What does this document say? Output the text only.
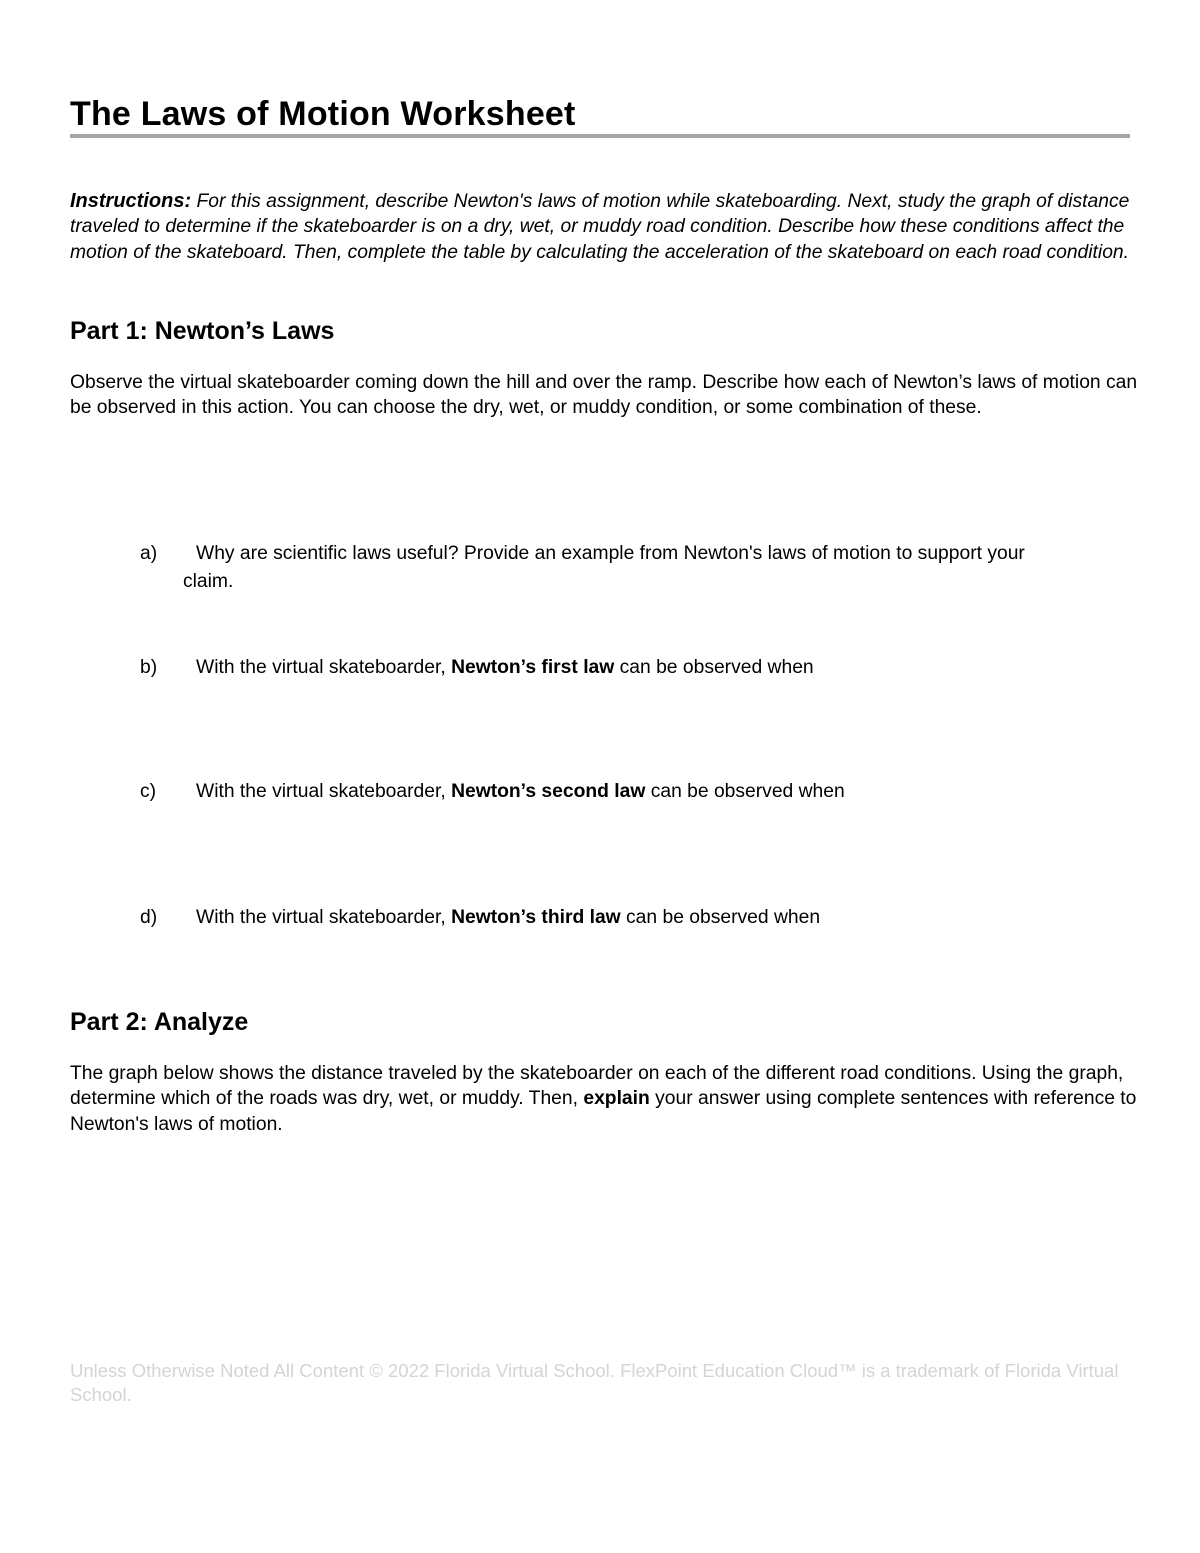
The Laws of Motion Worksheet

Instructions: For this assignment, describe Newton's laws of motion while skateboarding. Next, study the graph of distance traveled to determine if the skateboarder is on a dry, wet, or muddy road condition. Describe how these conditions affect the motion of the skateboard. Then, complete the table by calculating the acceleration of the skateboard on each road condition.

Part 1: Newton’s Laws

Observe the virtual skateboarder coming down the hill and over the ramp. Describe how each of Newton’s laws of motion can be observed in this action. You can choose the dry, wet, or muddy condition, or some combination of these.

a) Why are scientific laws useful? Provide an example from Newton's laws of motion to support your
claim.

b) With the virtual skateboarder, Newton’s first law can be observed when

c) With the virtual skateboarder, Newton’s second law can be observed when

d) With the virtual skateboarder, Newton’s third law can be observed when

Part 2: Analyze

The graph below shows the distance traveled by the skateboarder on each of the different road conditions. Using the graph, determine which of the roads was dry, wet, or muddy. Then, explain your answer using complete sentences with reference to Newton's laws of motion.

Unless Otherwise Noted All Content © 2022 Florida Virtual School. FlexPoint Education Cloud™ is a trademark of Florida Virtual School.
